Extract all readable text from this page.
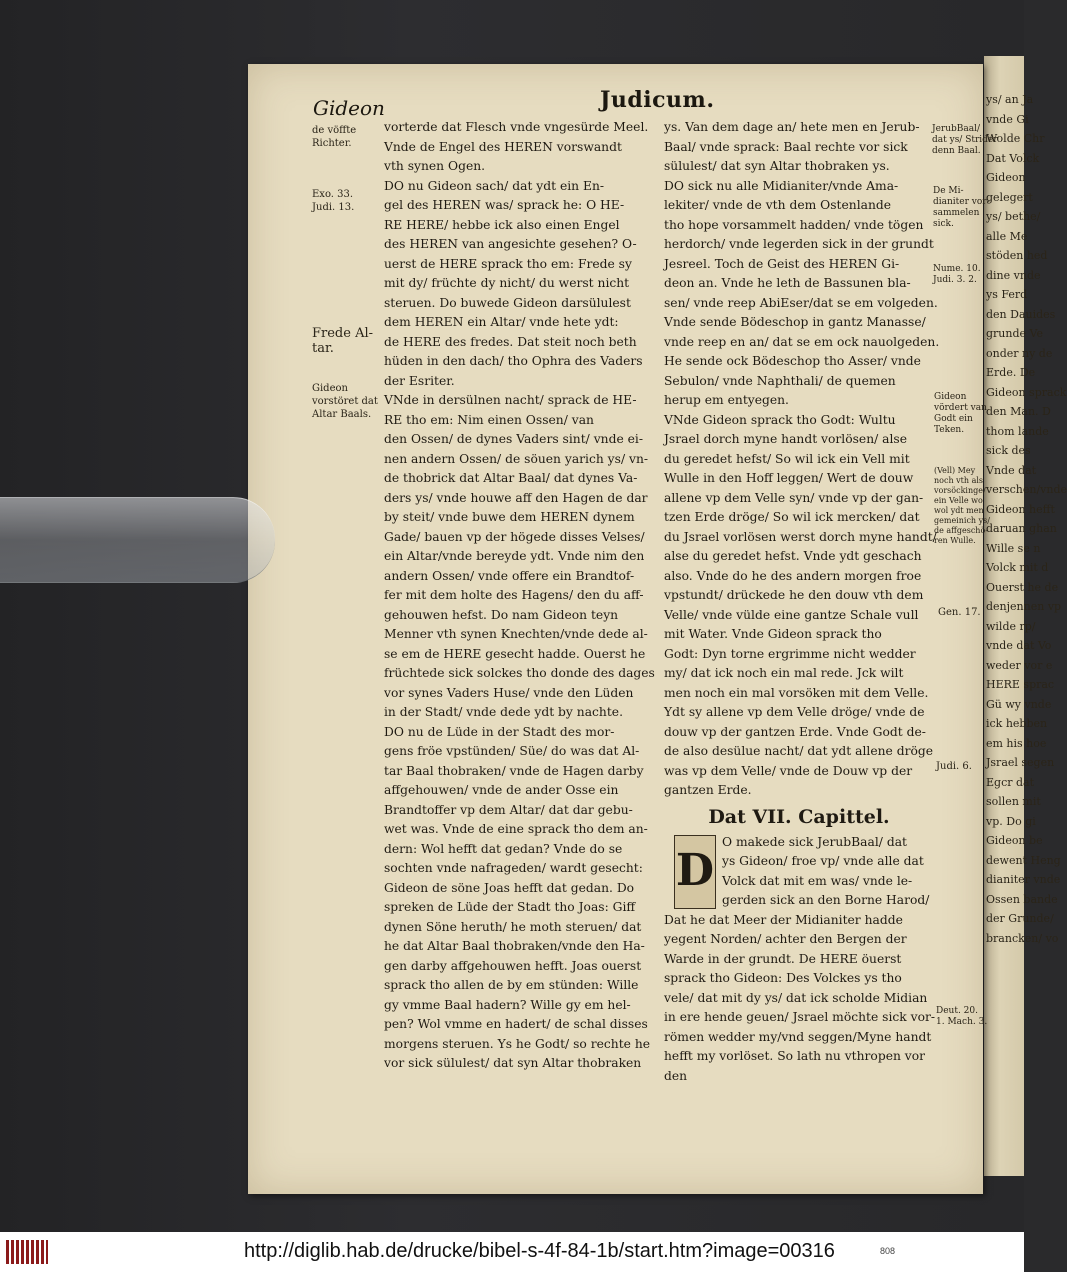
ys/ an Ja
vnde Gi
Wolde Chr
Dat Volck
Gideon
gelegert
ys/ bethe/
alle Me
stöden hed
dine vnde
ys Ferd
den Dauides
grunde Ve
onder ny de
Erde. De
Gideon sprack
den Man. D
thom lande
sick des
Vnde dat
verschen/vnde
Gideon hefft
daruan ghan
Wille se n
Volck mit d
Ouerst he de
denjennen vp
wilde rp/
vnde dat Vo
weder vor e
HERE sprac
Gü wy vnde
ick hebben
em his hoe
Jsrael segen
Egcr dat
sollen mit
vp. Do gi
Gideon be
dewent Heng
dianiter vnde
Ossen bande
der Grunde/
brancken/ vo
Gideon	Judicum.
vorterde dat Flesch vnde vngesürde Meel.
Vnde de Engel des HEREN vorswandt
vth synen Ogen.
DO nu Gideon sach/ dat ydt ein En-
gel des HEREN was/ sprack he: O HE-
RE HERE/ hebbe ick also einen Engel
des HEREN van angesichte gesehen? O-
uerst de HERE sprack tho em: Frede sy
mit dy/ früchte dy nicht/ du werst nicht
steruen. Do buwede Gideon darsülulest
dem HEREN ein Altar/ vnde hete ydt:
de HERE des fredes. Dat steit noch beth
hüden in den dach/ tho Ophra des Vaders
der Esriter.
VNde in dersülnen nacht/ sprack de HE-
RE tho em: Nim einen Ossen/ van
den Ossen/ de dynes Vaders sint/ vnde ei-
nen andern Ossen/ de söuen yarich ys/ vn-
de thobrick dat Altar Baal/ dat dynes Va-
ders ys/ vnde houwe aff den Hagen de dar
by steit/ vnde buwe dem HEREN dynem
Gade/ bauen vp der högede disses Velses/
ein Altar/vnde bereyde ydt. Vnde nim den
andern Ossen/ vnde offere ein Brandtof-
fer mit dem holte des Hagens/ den du aff-
gehouwen hefst. Do nam Gideon teyn
Menner vth synen Knechten/vnde dede al-
se em de HERE gesecht hadde. Ouerst he
früchtede sick solckes tho donde des dages
vor synes Vaders Huse/ vnde den Lüden
in der Stadt/ vnde dede ydt by nachte.
DO nu de Lüde in der Stadt des mor-
gens fröe vpstünden/ Süe/ do was dat Al-
tar Baal thobraken/ vnde de Hagen darby
affgehouwen/ vnde de ander Osse ein
Brandtoffer vp dem Altar/ dat dar gebu-
wet was. Vnde de eine sprack tho dem an-
dern: Wol hefft dat gedan? Vnde do se
sochten vnde nafrageden/ wardt gesecht:
Gideon de söne Joas hefft dat gedan. Do
spreken de Lüde der Stadt tho Joas: Giff
dynen Söne heruth/ he moth steruen/ dat
he dat Altar Baal thobraken/vnde den Ha-
gen darby affgehouwen hefft. Joas ouerst
sprack tho allen de by em stünden: Wille
gy vmme Baal hadern? Wille gy em hel-
pen? Wol vmme en hadert/ de schal disses
morgens steruen. Ys he Godt/ so rechte he
vor sick sülulest/ dat syn Altar thobraken
ys. Van dem dage an/ hete men en Jerub-
Baal/ vnde sprack: Baal rechte vor sick
sülulest/ dat syn Altar thobraken ys.
DO sick nu alle Midianiter/vnde Ama-
lekiter/ vnde de vth dem Ostenlande
tho hope vorsammelt hadden/ vnde tögen
herdorch/ vnde legerden sick in der grundt
Jesreel. Toch de Geist des HEREN Gi-
deon an. Vnde he leth de Bassunen bla-
sen/ vnde reep AbiEser/dat se em volgeden.
Vnde sende Bödeschop in gantz Manasse/
vnde reep en an/ dat se em ock nauolgeden.
He sende ock Bödeschop tho Asser/ vnde
Sebulon/ vnde Naphthali/ de quemen
herup em entyegen.
VNde Gideon sprack tho Godt: Wultu
Jsrael dorch myne handt vorlösen/ alse
du geredet hefst/ So wil ick ein Vell mit
Wulle in den Hoff leggen/ Wert de douw
allene vp dem Velle syn/ vnde vp der gan-
tzen Erde dröge/ So wil ick mercken/ dat
du Jsrael vorlösen werst dorch myne handt/
alse du geredet hefst. Vnde ydt geschach
also. Vnde do he des andern morgen froe
vpstundt/ drückede he den douw vth dem
Velle/ vnde vülde eine gantze Schale vull
mit Water. Vnde Gideon sprack tho
Godt: Dyn torne ergrimme nicht wedder
my/ dat ick noch ein mal rede. Jck wilt
men noch ein mal vorsöken mit dem Velle.
Ydt sy allene vp dem Velle dröge/ vnde de
douw vp der gantzen Erde. Vnde Godt de-
de also desülue nacht/ dat ydt allene dröge
was vp dem Velle/ vnde de Douw vp der
gantzen Erde.
Dat VII. Capittel.
D
O makede sick JerubBaal/ dat
ys Gideon/ froe vp/ vnde alle dat
Volck dat mit em was/ vnde le-
gerden sick an den Borne Harod/
Dat he dat Meer der Midianiter hadde
yegent Norden/ achter den Bergen der
Warde in der grundt. De HERE öuerst
sprack tho Gideon: Des Volckes ys tho
vele/ dat mit dy ys/ dat ick scholde Midian
in ere hende geuen/ Jsrael möchte sick vor-
römen wedder my/vnd seggen/Myne handt
hefft my vorlöset. So lath nu vthropen vor
den
de vöffte
Richter.
Exo. 33.
Judi. 13.
Frede Al-
tar.
Gideon
vorstöret dat
Altar Baals.
JerubBaal/
dat ys/ Strider
denn Baal.
De Mi-
dianiter vor-
sammelen
sick.
Nume. 10.
Judi. 3. 2.
Gideon
vördert van
Godt ein
Teken.
(Vell) Mey
noch vth als
vorsöckinge/
ein Velle wo
wol ydt men
gemeinich ys/
de affgeschö-
ren Wulle.
Gen. 17.
Judi. 6.
Deut. 20.
1. Mach. 3.
http://diglib.hab.de/drucke/bibel-s-4f-84-1b/start.htm?image=00316	808
